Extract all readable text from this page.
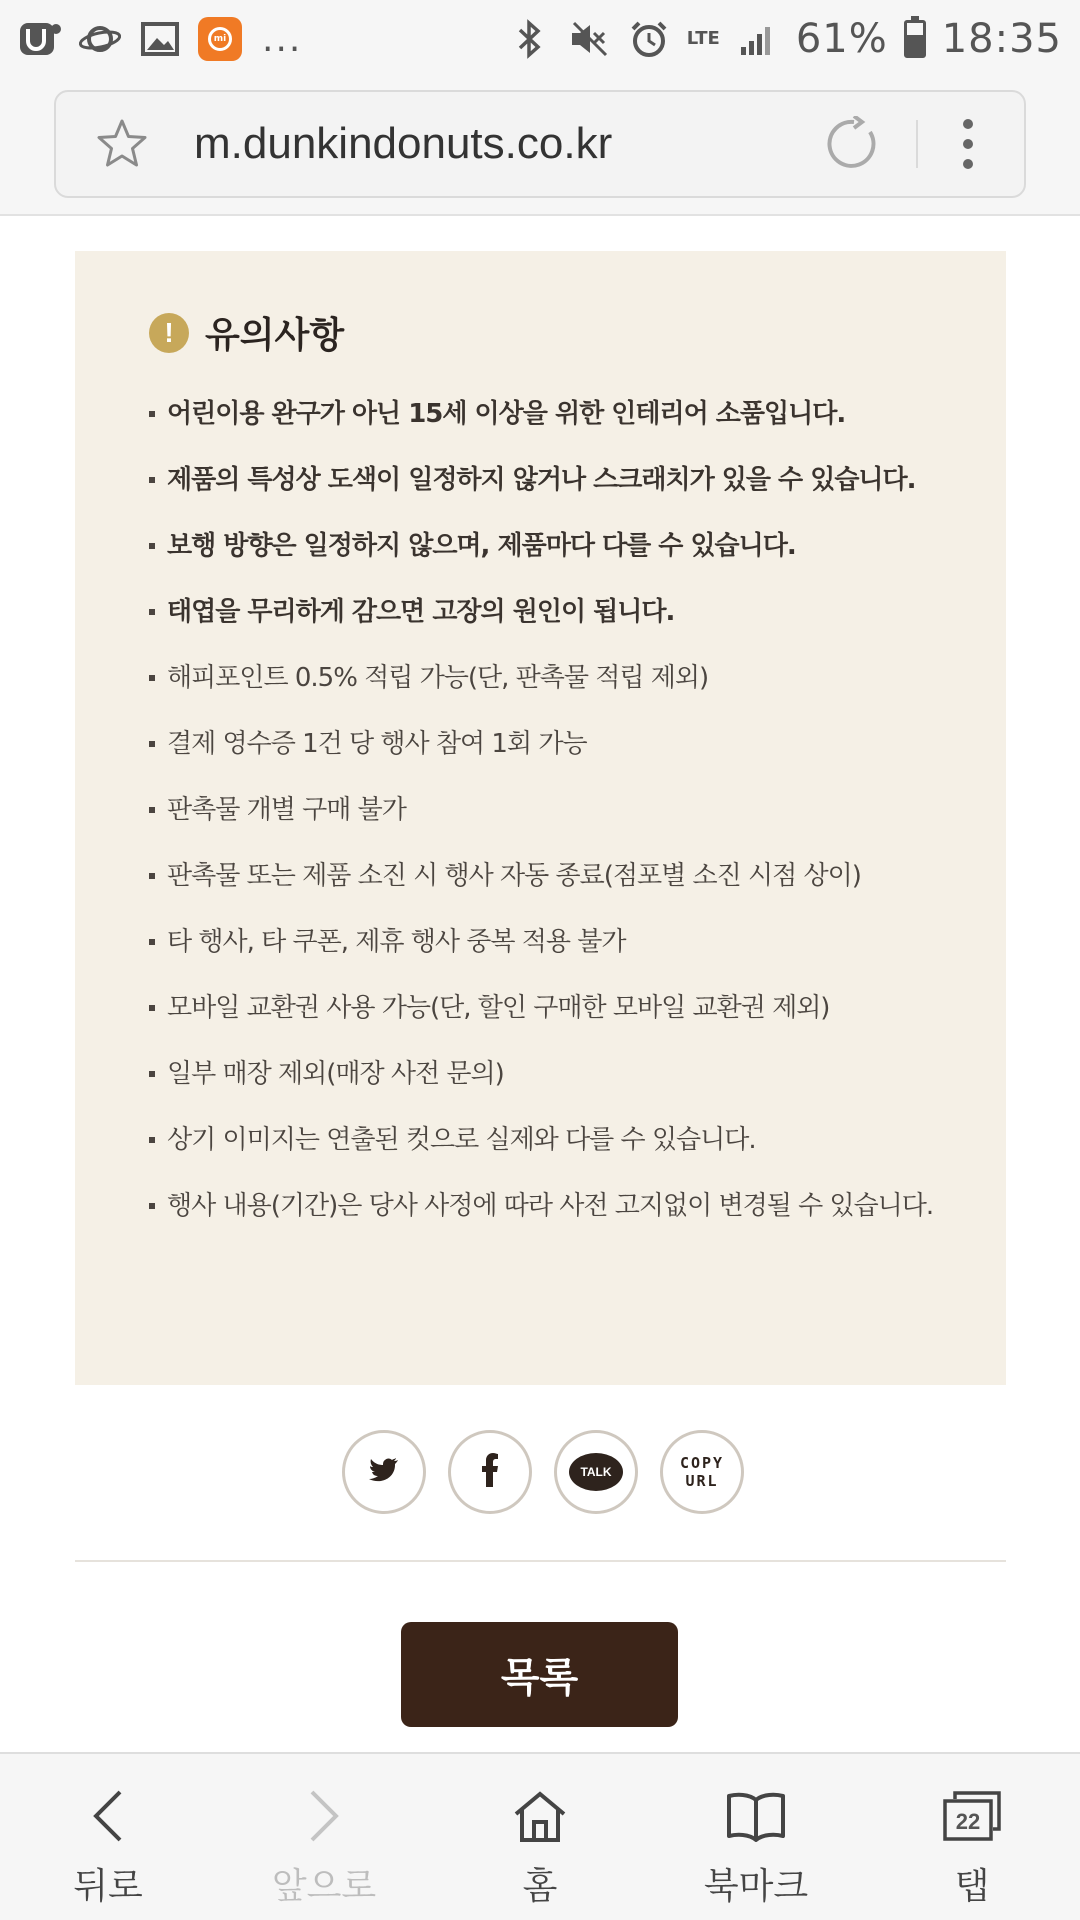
mi ...	LTE 61% 18:35
m.dunkindonuts.co.kr
! 유의사항
어린이용 완구가 아닌 15세 이상을 위한 인테리어 소품입니다.
제품의 특성상 도색이 일정하지 않거나 스크래치가 있을 수 있습니다.
보행 방향은 일정하지 않으며, 제품마다 다를 수 있습니다.
태엽을 무리하게 감으면 고장의 원인이 됩니다.
해피포인트 0.5% 적립 가능(단, 판촉물 적립 제외)
결제 영수증 1건 당 행사 참여 1회 가능
판촉물 개별 구매 불가
판촉물 또는 제품 소진 시 행사 자동 종료(점포별 소진 시점 상이)
타 행사, 타 쿠폰, 제휴 행사 중복 적용 불가
모바일 교환권 사용 가능(단, 할인 구매한 모바일 교환권 제외)
일부 매장 제외(매장 사전 문의)
상기 이미지는 연출된 컷으로 실제와 다를 수 있습니다.
행사 내용(기간)은 당사 사정에 따라 사전 고지없이 변경될 수 있습니다.
TALK	COPY
URL
목록
뒤로	앞으로	홈	북마크
22
탭
